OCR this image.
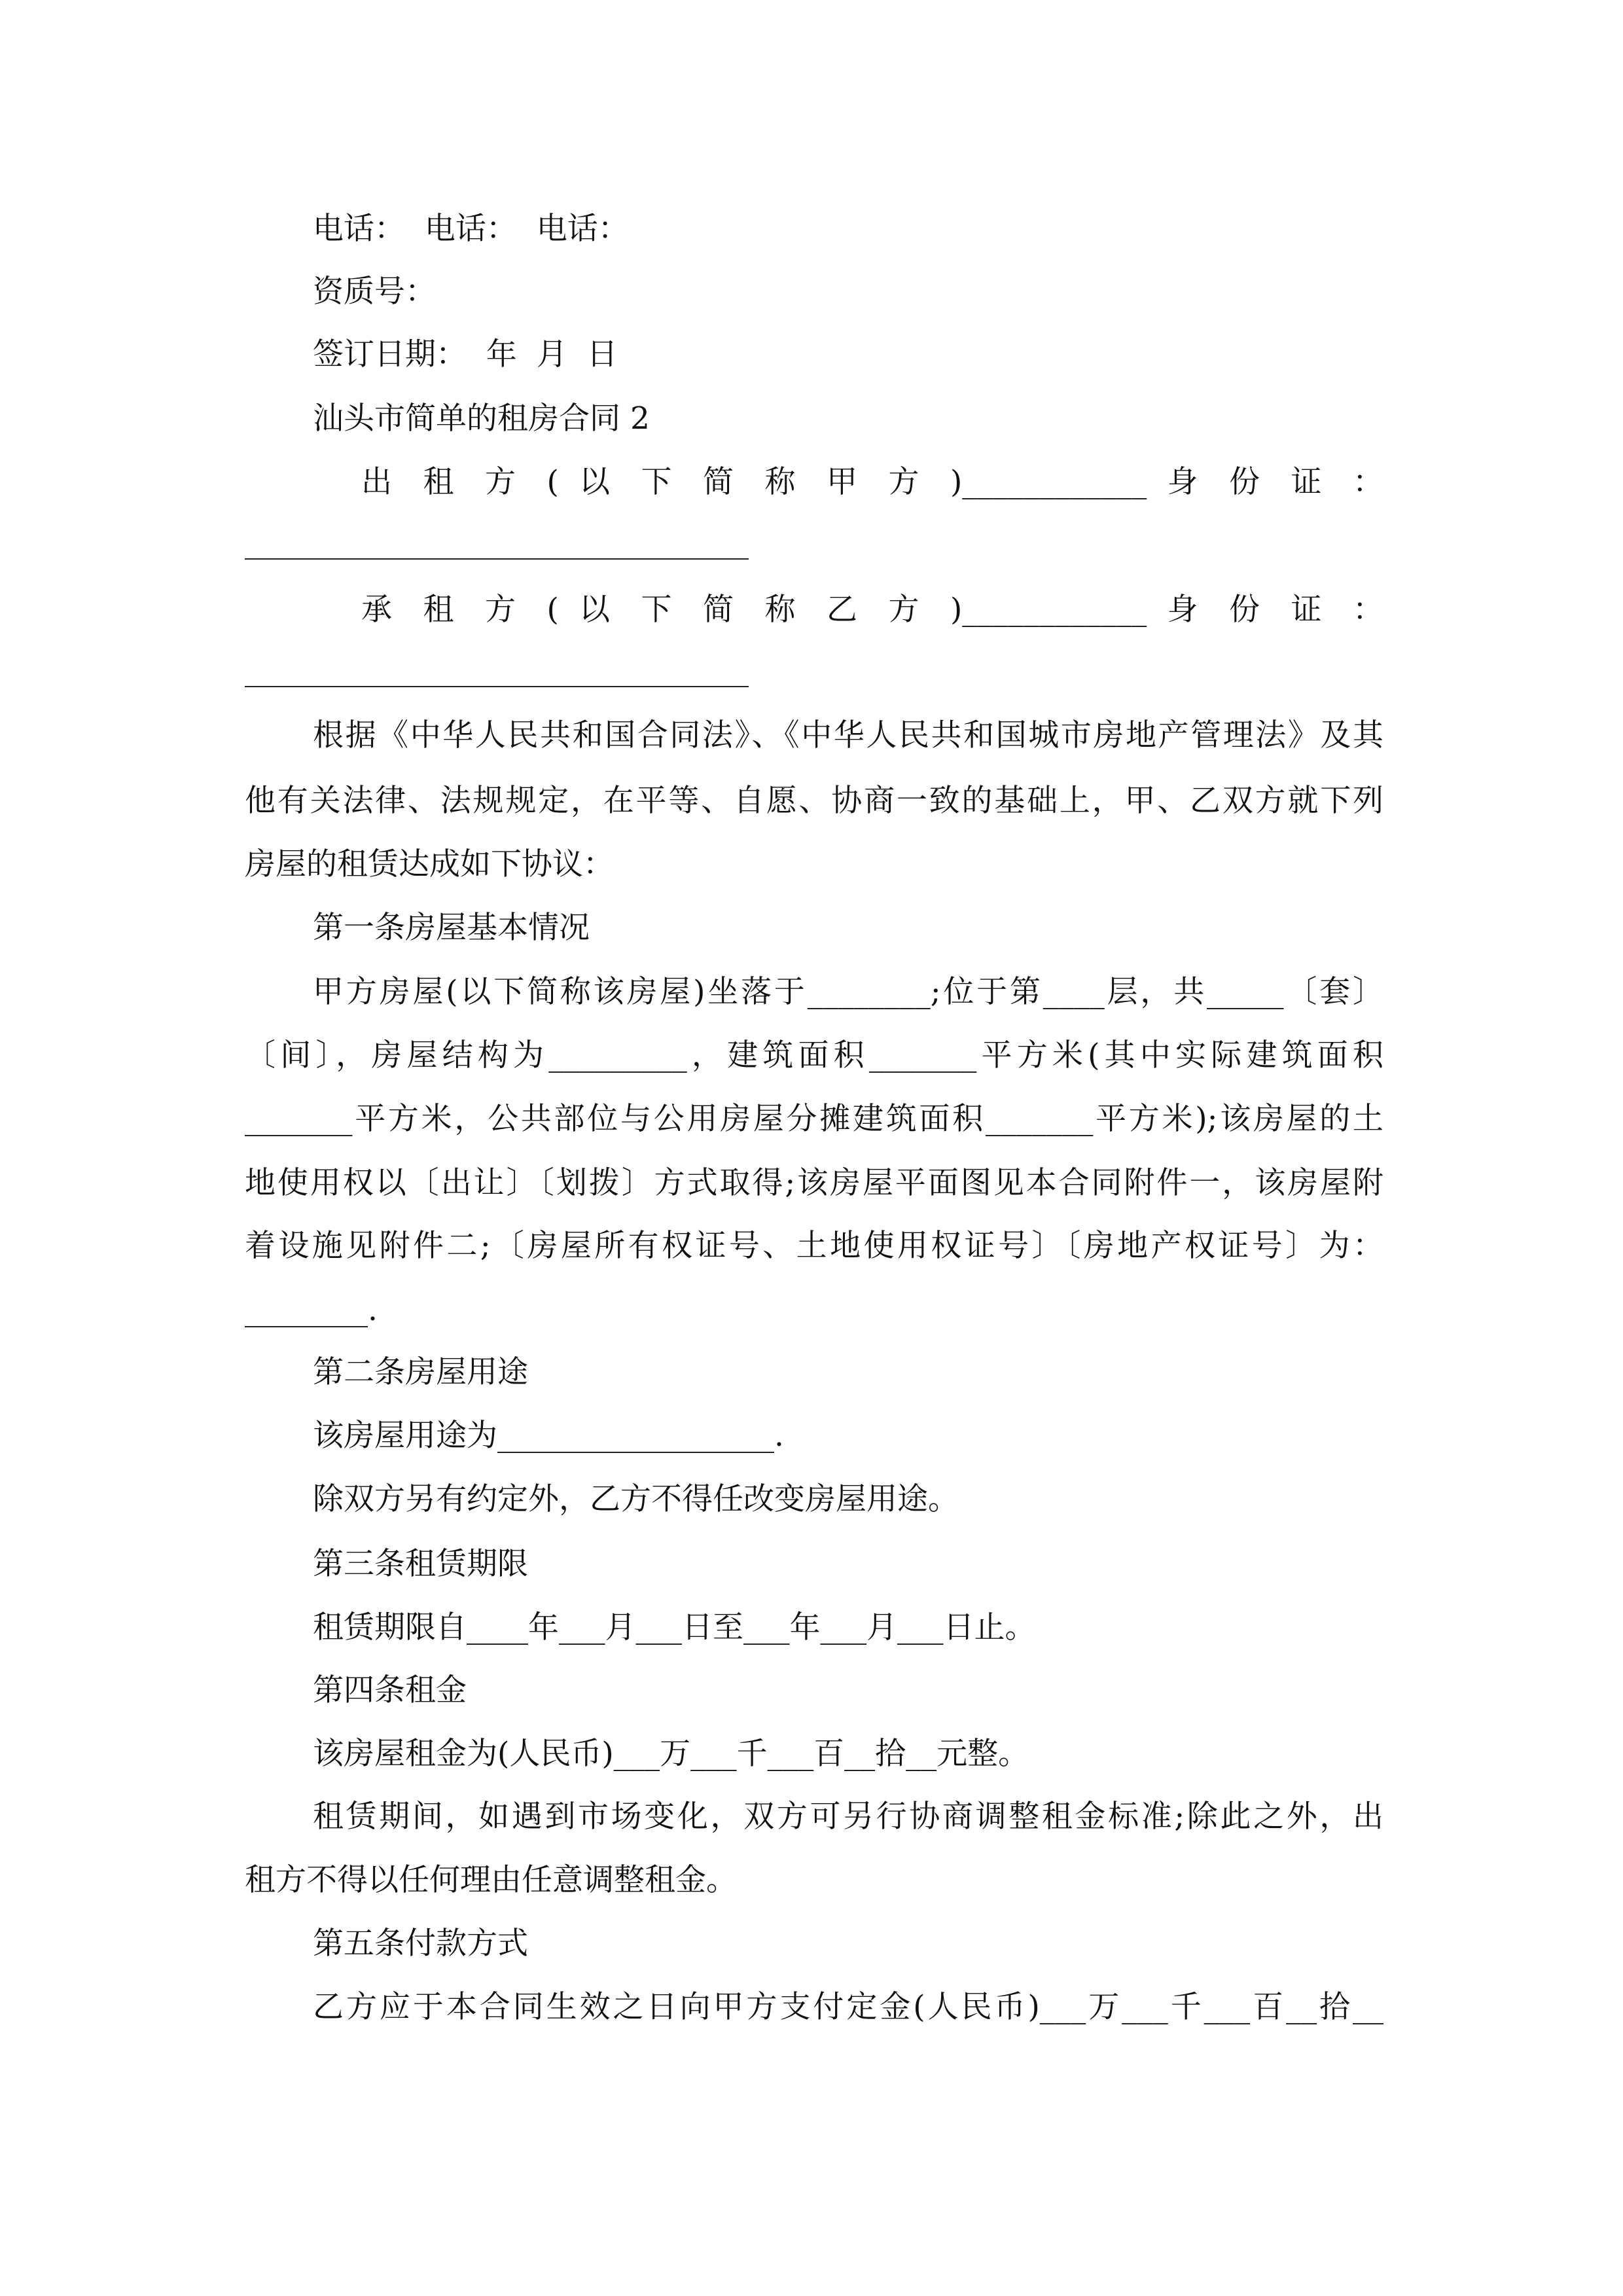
电话：  电话：  电话：
资质号：
签订日期：  年  月  日
汕头市简单的租房合同 2
出 租 方 ( 以 下 简 称 甲 方 )____________ 身 份 证 ：
承 租 方 ( 以 下 简 称 乙 方 )____________ 身 份 证 ：
根据《中华人民共和国合同法》、《中华人民共和国城市房地产管理法》及其
他有关法律、法规规定，在平等、自愿、协商一致的基础上，甲、乙双方就下列
房屋的租赁达成如下协议：
第一条房屋基本情况
甲方房屋(以下简称该房屋)坐落于________;位于第____层，共_____〔套〕
〔间〕，房屋结构为_________，建筑面积_______平方米(其中实际建筑面积
_______平方米，公共部位与公用房屋分摊建筑面积_______平方米);该房屋的土
地使用权以〔出让〕〔划拨〕方式取得;该房屋平面图见本合同附件一，该房屋附
着设施见附件二;〔房屋所有权证号、土地使用权证号〕〔房地产权证号〕为：
________.
第二条房屋用途
该房屋用途为__________________.
除双方另有约定外，乙方不得任改变房屋用途。
第三条租赁期限
租赁期限自____年___月___日至___年___月___日止。
第四条租金
该房屋租金为(人民币)___万___千___百__拾__元整。
租赁期间，如遇到市场变化，双方可另行协商调整租金标准;除此之外，出
租方不得以任何理由任意调整租金。
第五条付款方式
乙方应于本合同生效之日向甲方支付定金(人民币)___万___千___百__拾__
